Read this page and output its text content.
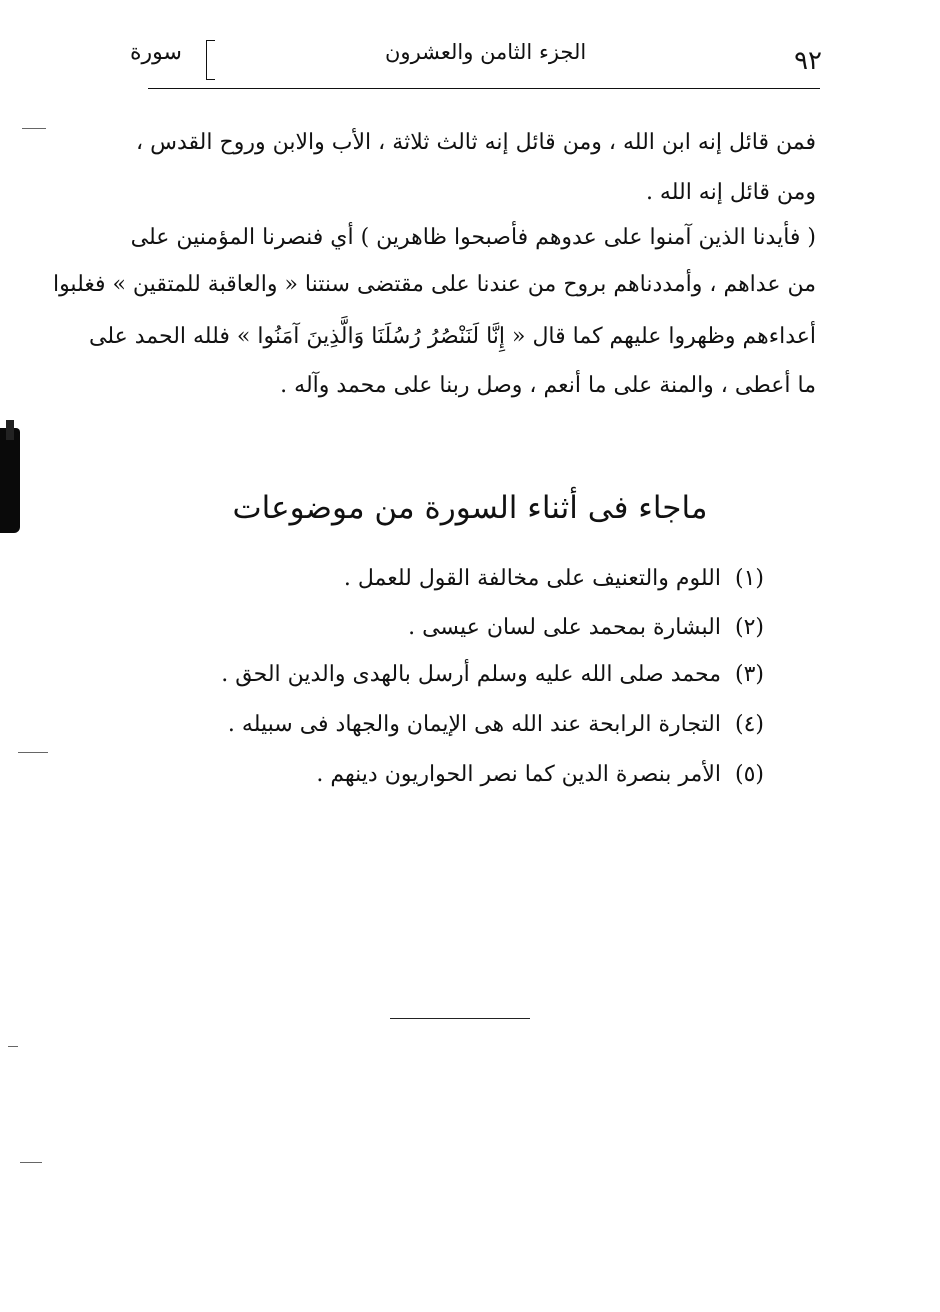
٩٢
الجزء الثامن والعشرون
سورة
فمن قائل إنه ابن الله ، ومن قائل إنه ثالث ثلاثة ، الأب والابن وروح القدس ،
ومن قائل إنه الله .
( فأيدنا الذين آمنوا على عدوهم فأصبحوا ظاهرين ) أي فنصرنا المؤمنين على
من عداهم ، وأمددناهم بروح من عندنا على مقتضى سنتنا « والعاقبة للمتقين » فغلبوا
أعداءهم وظهروا عليهم كما قال « إِنَّا لَنَنْصُرُ رُسُلَنَا وَالَّذِينَ آمَنُوا » فلله الحمد على
ما أعطى ، والمنة على ما أنعم ، وصل ربنا على محمد وآله .
ماجاء فى أثناء السورة من موضوعات
(١)اللوم والتعنيف على مخالفة القول للعمل .
(٢)البشارة بمحمد على لسان عيسى .
(٣)محمد صلى الله عليه وسلم أرسل بالهدى والدين الحق .
(٤)التجارة الرابحة عند الله هى الإيمان والجهاد فى سبيله .
(٥)الأمر بنصرة الدين كما نصر الحواريون دينهم .
